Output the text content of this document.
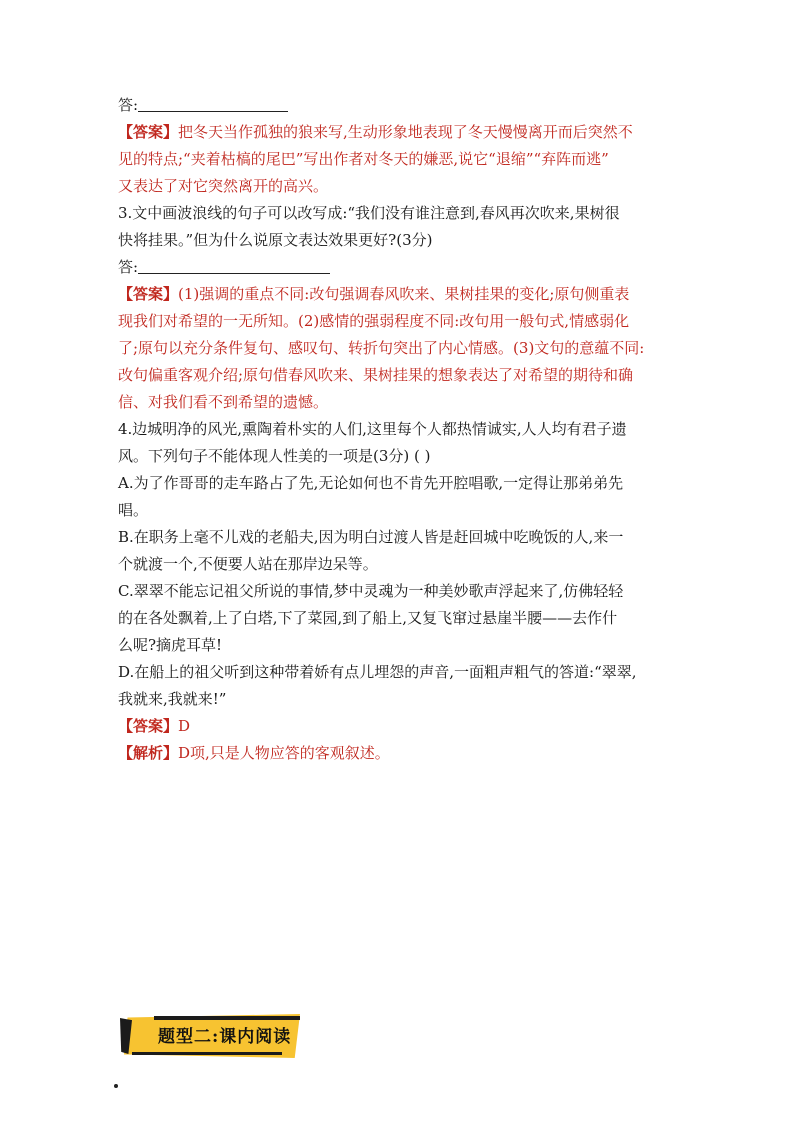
答:
【答案】把冬天当作孤独的狼来写,生动形象地表现了冬天慢慢离开而后突然不
见的特点;“夹着枯槁的尾巴”写出作者对冬天的嫌恶,说它“退缩”“弃阵而逃”
又表达了对它突然离开的高兴。
3.文中画波浪线的句子可以改写成:“我们没有谁注意到,春风再次吹来,果树很
快将挂果。”但为什么说原文表达效果更好?(3分)
答:
【答案】(1)强调的重点不同:改句强调春风吹来、果树挂果的变化;原句侧重表
现我们对希望的一无所知。(2)感情的强弱程度不同:改句用一般句式,情感弱化
了;原句以充分条件复句、感叹句、转折句突出了内心情感。(3)文句的意蕴不同:
改句偏重客观介绍;原句借春风吹来、果树挂果的想象表达了对希望的期待和确
信、对我们看不到希望的遗憾。
4.边城明净的风光,熏陶着朴实的人们,这里每个人都热情诚实,人人均有君子遗
风。下列句子不能体现人性美的一项是(3分) ( )
A.为了作哥哥的走车路占了先,无论如何也不肯先开腔唱歌,一定得让那弟弟先
唱。
B.在职务上毫不儿戏的老船夫,因为明白过渡人皆是赶回城中吃晚饭的人,来一
个就渡一个,不便要人站在那岸边呆等。
C.翠翠不能忘记祖父所说的事情,梦中灵魂为一种美妙歌声浮起来了,仿佛轻轻
的在各处飘着,上了白塔,下了菜园,到了船上,又复飞窜过悬崖半腰——去作什
么呢?摘虎耳草!
D.在船上的祖父听到这种带着娇有点儿埋怨的声音,一面粗声粗气的答道:“翠翠,
我就来,我就来!”
【答案】D
【解析】D项,只是人物应答的客观叙述。
题型二:课内阅读
